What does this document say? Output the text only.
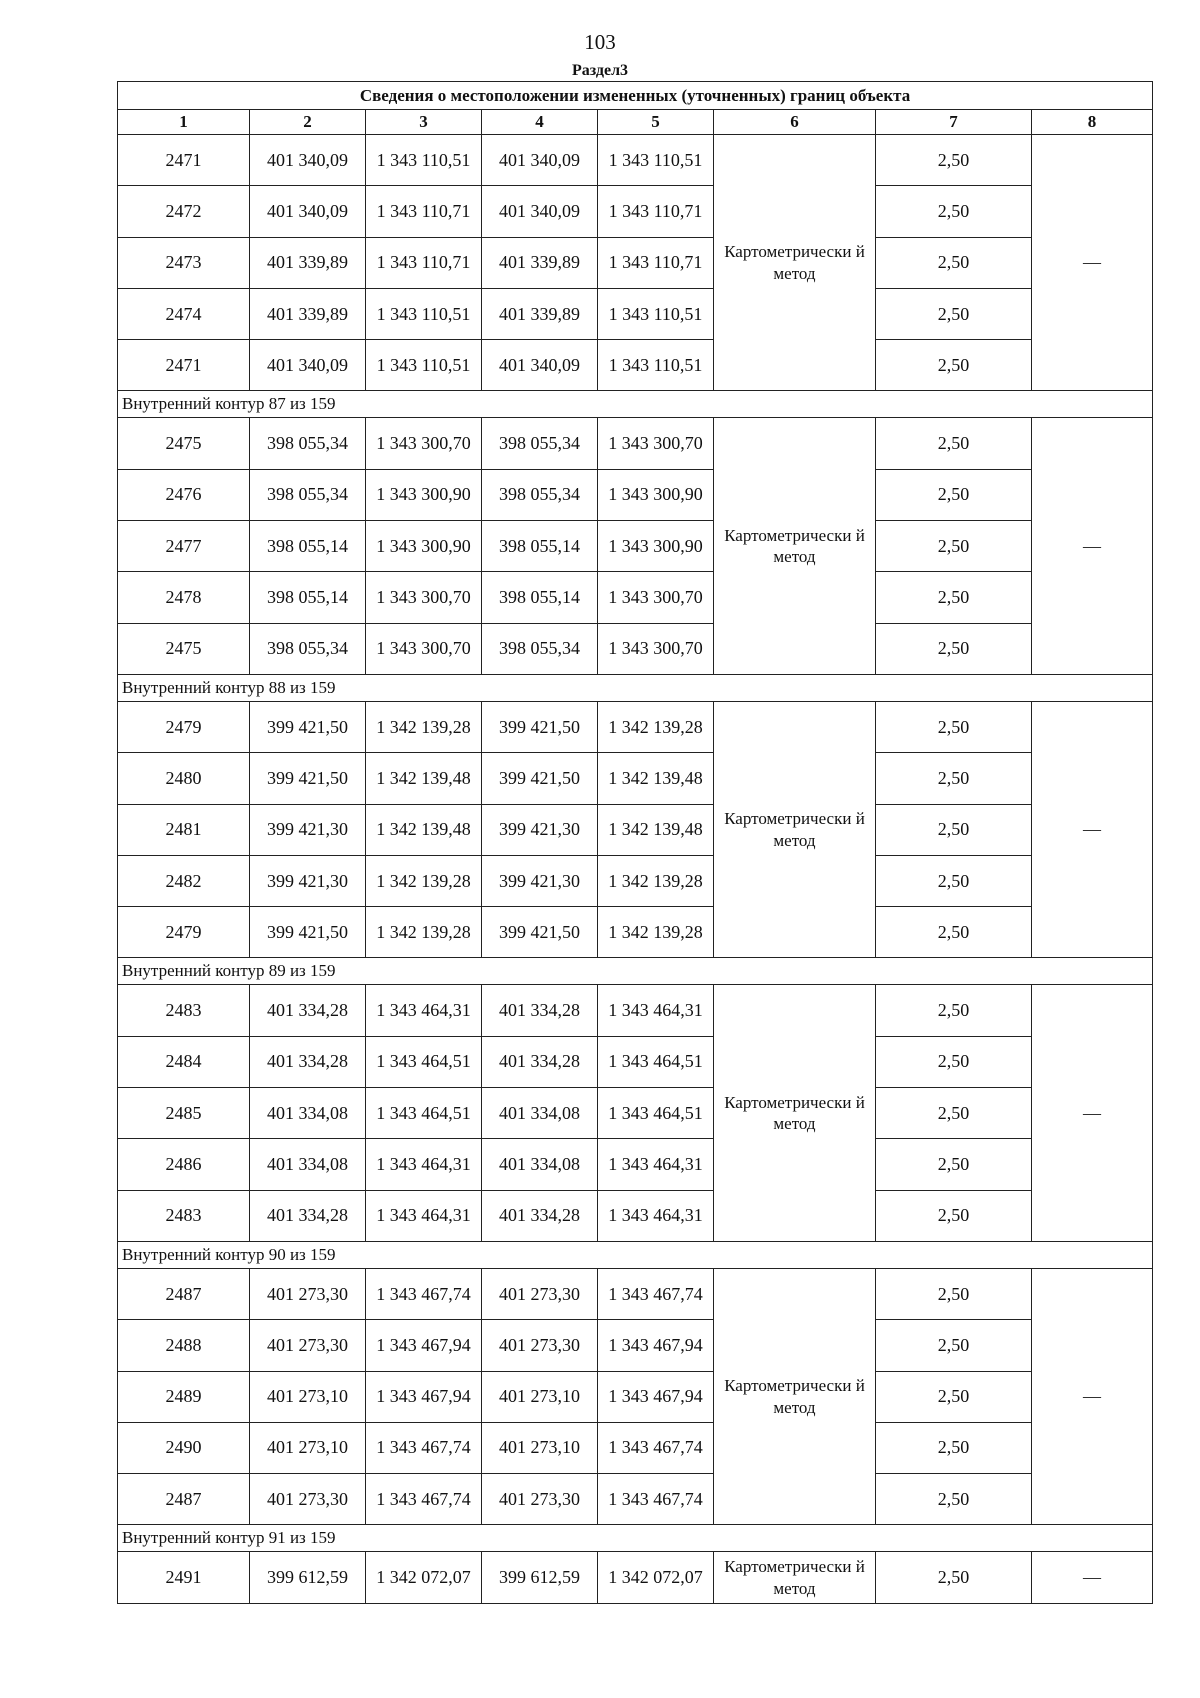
103
Раздел3
Сведения о местоположении измененных (уточненных) границ объекта							
1	2	3	4	5	6	7	8
2471	401 340,09	1 343 110,51	401 340,09	1 343 110,51	Картометрически й метод	2,50	—
2472	401 340,09	1 343 110,71	401 340,09	1 343 110,71		2,50	
2473	401 339,89	1 343 110,71	401 339,89	1 343 110,71		2,50	
2474	401 339,89	1 343 110,51	401 339,89	1 343 110,51		2,50	
2471	401 340,09	1 343 110,51	401 340,09	1 343 110,51		2,50	
Внутренний контур 87 из 159							
2475	398 055,34	1 343 300,70	398 055,34	1 343 300,70	Картометрически й метод	2,50	—
2476	398 055,34	1 343 300,90	398 055,34	1 343 300,90		2,50	
2477	398 055,14	1 343 300,90	398 055,14	1 343 300,90		2,50	
2478	398 055,14	1 343 300,70	398 055,14	1 343 300,70		2,50	
2475	398 055,34	1 343 300,70	398 055,34	1 343 300,70		2,50	
Внутренний контур 88 из 159							
2479	399 421,50	1 342 139,28	399 421,50	1 342 139,28	Картометрически й метод	2,50	—
2480	399 421,50	1 342 139,48	399 421,50	1 342 139,48		2,50	
2481	399 421,30	1 342 139,48	399 421,30	1 342 139,48		2,50	
2482	399 421,30	1 342 139,28	399 421,30	1 342 139,28		2,50	
2479	399 421,50	1 342 139,28	399 421,50	1 342 139,28		2,50	
Внутренний контур 89 из 159							
2483	401 334,28	1 343 464,31	401 334,28	1 343 464,31	Картометрически й метод	2,50	—
2484	401 334,28	1 343 464,51	401 334,28	1 343 464,51		2,50	
2485	401 334,08	1 343 464,51	401 334,08	1 343 464,51		2,50	
2486	401 334,08	1 343 464,31	401 334,08	1 343 464,31		2,50	
2483	401 334,28	1 343 464,31	401 334,28	1 343 464,31		2,50	
Внутренний контур 90 из 159							
2487	401 273,30	1 343 467,74	401 273,30	1 343 467,74	Картометрически й метод	2,50	—
2488	401 273,30	1 343 467,94	401 273,30	1 343 467,94		2,50	
2489	401 273,10	1 343 467,94	401 273,10	1 343 467,94		2,50	
2490	401 273,10	1 343 467,74	401 273,10	1 343 467,74		2,50	
2487	401 273,30	1 343 467,74	401 273,30	1 343 467,74		2,50	
Внутренний контур 91 из 159							
2491	399 612,59	1 342 072,07	399 612,59	1 342 072,07	Картометрически й метод	2,50	—
